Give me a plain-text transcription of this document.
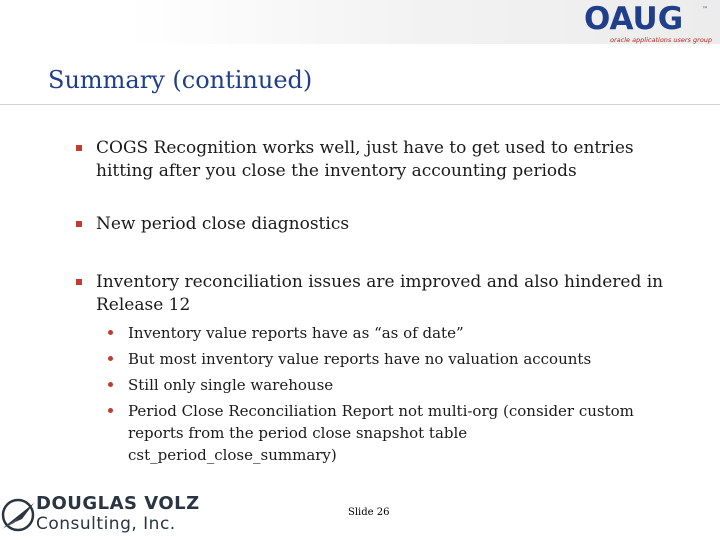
OAUG	™
oracle applications users group
Summary (continued)
COGS Recognition works well, just have to get used to entries hitting after you close the inventory accounting periods
New period close diagnostics
Inventory reconciliation issues are improved and also hindered in Release 12
Inventory value reports have as “as of date”
But most inventory value reports have no valuation accounts
Still only single warehouse
Period Close Reconciliation Report not multi-org (consider custom reports from the period close snapshot table cst_period_close_summary)
DOUGLAS VOLZ
Consulting, Inc.
Slide 26
